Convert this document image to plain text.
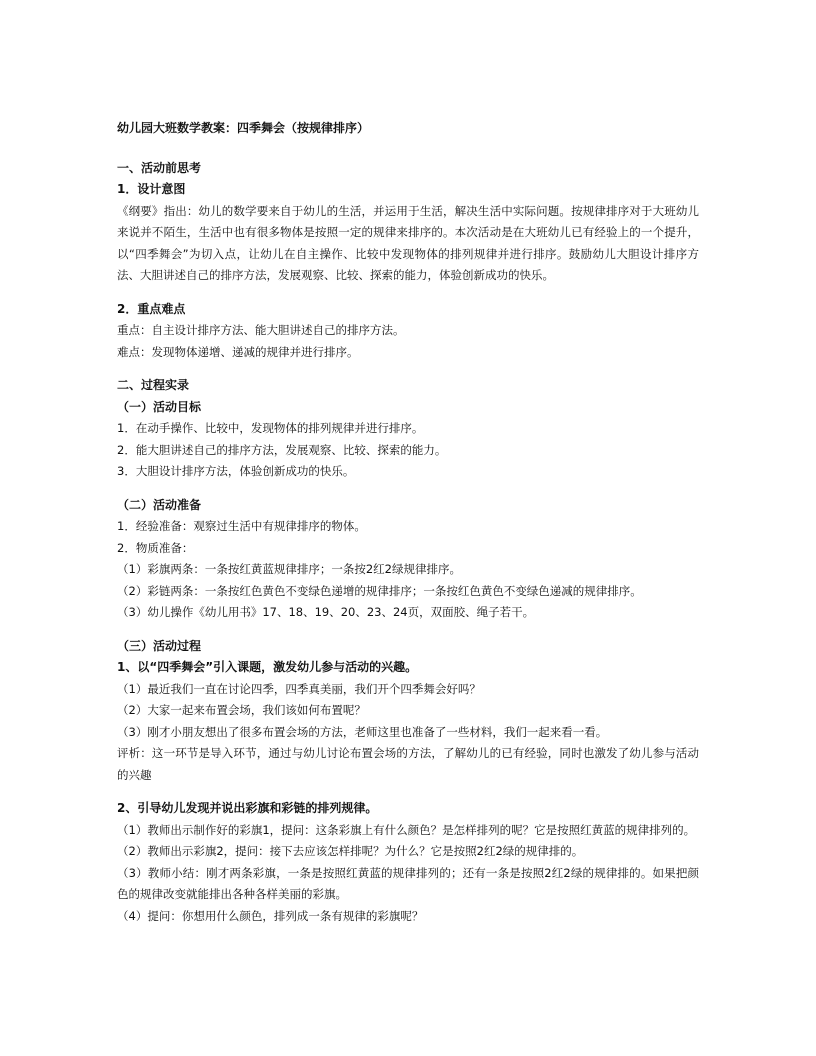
幼儿园大班数学教案：四季舞会（按规律排序）
一、活动前思考
1．设计意图
《纲要》指出：幼儿的数学要来自于幼儿的生活，并运用于生活，解决生活中实际问题。按规律排序对于大班幼儿来说并不陌生，生活中也有很多物体是按照一定的规律来排序的。本次活动是在大班幼儿已有经验上的一个提升，以“四季舞会”为切入点，让幼儿在自主操作、比较中发现物体的排列规律并进行排序。鼓励幼儿大胆设计排序方法、大胆讲述自己的排序方法，发展观察、比较、探索的能力，体验创新成功的快乐。
2．重点难点
重点：自主设计排序方法、能大胆讲述自己的排序方法。
难点：发现物体递增、递减的规律并进行排序。
二、过程实录
（一）活动目标
1．在动手操作、比较中，发现物体的排列规律并进行排序。
2．能大胆讲述自己的排序方法，发展观察、比较、探索的能力。
3．大胆设计排序方法，体验创新成功的快乐。
（二）活动准备
1．经验准备：观察过生活中有规律排序的物体。
2．物质准备：
（1）彩旗两条：一条按红黄蓝规律排序；一条按2红2绿规律排序。
（2）彩链两条：一条按红色黄色不变绿色递增的规律排序；一条按红色黄色不变绿色递减的规律排序。
（3）幼儿操作《幼儿用书》17、18、19、20、23、24页，双面胶、绳子若干。
（三）活动过程
1、以“四季舞会”引入课题，激发幼儿参与活动的兴趣。
（1）最近我们一直在讨论四季，四季真美丽，我们开个四季舞会好吗？
（2）大家一起来布置会场，我们该如何布置呢？
（3）刚才小朋友想出了很多布置会场的方法，老师这里也准备了一些材料，我们一起来看一看。
评析：这一环节是导入环节，通过与幼儿讨论布置会场的方法，了解幼儿的已有经验，同时也激发了幼儿参与活动的兴趣
2、引导幼儿发现并说出彩旗和彩链的排列规律。
（1）教师出示制作好的彩旗1，提问：这条彩旗上有什么颜色？是怎样排列的呢？它是按照红黄蓝的规律排列的。
（2）教师出示彩旗2，提问：接下去应该怎样排呢？为什么？它是按照2红2绿的规律排的。
（3）教师小结：刚才两条彩旗，一条是按照红黄蓝的规律排列的；还有一条是按照2红2绿的规律排的。如果把颜色的规律改变就能排出各种各样美丽的彩旗。
（4）提问：你想用什么颜色，排列成一条有规律的彩旗呢？
